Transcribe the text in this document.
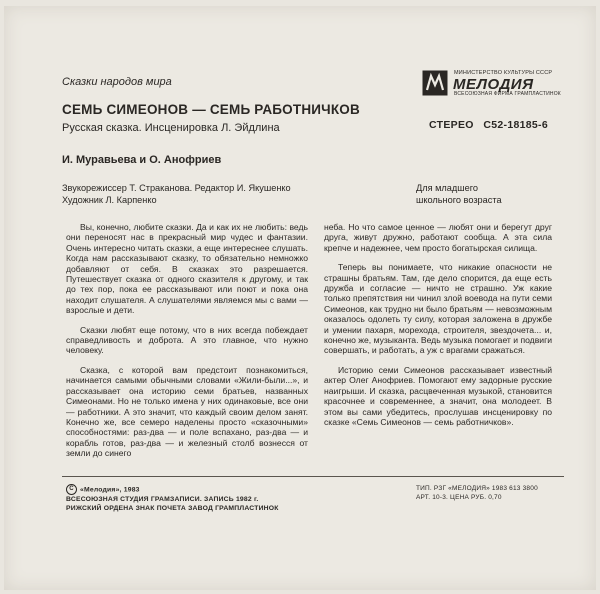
Сказки народов мира
МИНИСТЕРСТВО КУЛЬТУРЫ СССР
МЕЛОДИЯ
ВСЕСОЮЗНАЯ ФИРМА ГРАМПЛАСТИНОК
СЕМЬ СИМЕОНОВ — СЕМЬ РАБОТНИЧКОВ
СТЕРЕО   С52-18185-6
Русская сказка. Инсценировка Л. Эйдлина
И. Муравьева и О. Анофриев
Звукорежиссер Т. Страканова. Редактор И. Якушенко
Художник Л. Карпенко
Для младшего
школьного возраста

Вы, конечно, любите сказки. Да и как их не любить: ведь они переносят нас в прекрасный мир чудес и фантазии. Очень интересно читать сказки, а еще интереснее слушать. Когда нам рассказывают сказку, то обязательно немножко добавляют от себя. В сказках это разрешается. Путешествует сказка от одного сказителя к другому, и так до тех пор, пока ее рассказывают или поют и пока она находит слушателя. А слушателями являемся мы с вами — взрослые и дети.

Сказки любят еще потому, что в них всегда побеждает справедливость и доброта. А это главное, что нужно человеку.

Сказка, с которой вам предстоит познакомиться, начинается самыми обычными словами «Жили-были...», и рассказывает она историю семи братьев, названных Симеонами. Но не только имена у них одинаковые, все они — работники. А это значит, что каждый своим делом занят. Конечно же, все семеро наделены просто «сказочными» способностями: раз-два — и поле вспахано, раз-два — и корабль готов, раз-два — и железный столб вознесся от земли до синего

неба. Но что самое ценное — любят они и берегут друг друга, живут дружно, работают сообща. А эта сила крепче и надежнее, чем просто богатырская силища.

Теперь вы понимаете, что никакие опасности не страшны братьям. Там, где дело спорится, да еще есть дружба и согласие — ничто не страшно. Уж какие только препятствия ни чинил злой воевода на пути семи Симеонов, как трудно ни было братьям — невозможным оказалось одолеть ту силу, которая заложена в дружбе и умении пахаря, морехода, строителя, звездочета... и, конечно же, музыканта. Ведь музыка помогает и подвиги совершать, и работать, а уж с врагами сражаться.

Историю семи Симеонов рассказывает известный актер Олег Анофриев. Помогают ему задорные русские наигрыши. И сказка, расцвеченная музыкой, становится красочнее и современнее, а значит, она молодеет. В этом вы сами убедитесь, прослушав инсценировку по сказке «Семь Симеонов — семь работничков».

С «Мелодия», 1983
ВСЕСОЮЗНАЯ СТУДИЯ ГРАМЗАПИСИ. ЗАПИСЬ 1982 г.
РИЖСКИЙ ОРДЕНА ЗНАК ПОЧЕТА ЗАВОД ГРАМПЛАСТИНОК
ТИП. РЗГ «МЕЛОДИЯ» 1983 613 3800
АРТ. 10-3. ЦЕНА РУБ. 0,70
